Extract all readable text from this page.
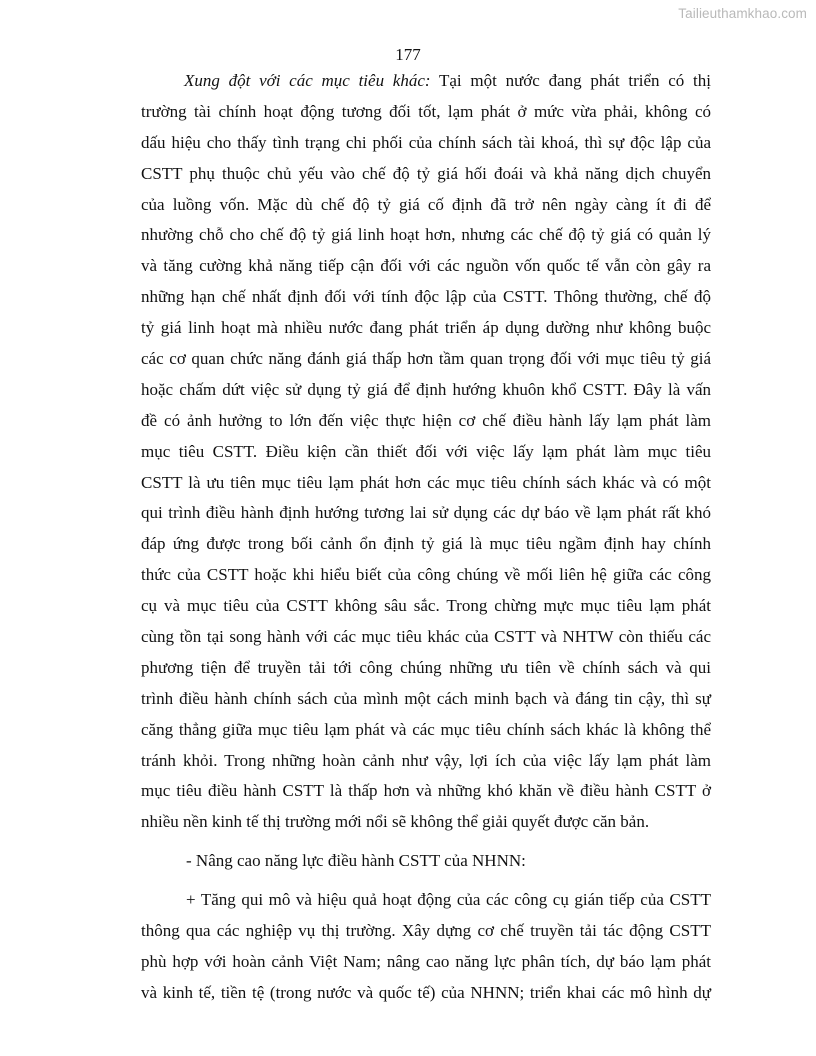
Tailieuthamkhao.com
177
Xung đột với các mục tiêu khác: Tại một nước đang phát triển có thị
trường tài chính hoạt động tương đối tốt, lạm phát ở mức vừa phải, không có
dấu hiệu cho thấy tình trạng chi phối của chính sách tài khoá, thì sự độc lập của
CSTT phụ thuộc chủ yếu vào chế độ tỷ giá hối đoái và khả năng dịch chuyển
của luồng vốn. Mặc dù chế độ tỷ giá cố định đã trở nên ngày càng ít đi để
nhường chỗ cho chế độ tỷ giá linh hoạt hơn, nhưng các chế độ tỷ giá có quản lý
và tăng cường khả năng tiếp cận đối với các nguồn vốn quốc tế vẫn còn gây ra
những hạn chế nhất định đối với tính độc lập của CSTT. Thông thường, chế độ
tỷ giá linh hoạt mà nhiều nước đang phát triển áp dụng dường như không buộc
các cơ quan chức năng đánh giá thấp hơn tầm quan trọng đối với mục tiêu tỷ giá
hoặc chấm dứt việc sử dụng tỷ giá để định hướng khuôn khổ CSTT. Đây là vấn
đề có ảnh hưởng to lớn đến việc thực hiện cơ chế điều hành lấy lạm phát làm
mục tiêu CSTT. Điều kiện cần thiết đối với việc lấy lạm phát làm mục tiêu
CSTT là ưu tiên mục tiêu lạm phát hơn các mục tiêu chính sách khác và có một
qui trình điều hành định hướng tương lai sử dụng các dự báo về lạm phát rất khó
đáp ứng được trong bối cảnh ổn định tỷ giá là mục tiêu ngầm định hay chính
thức của CSTT hoặc khi hiểu biết của công chúng về mối liên hệ giữa các công
cụ và mục tiêu của CSTT không sâu sắc. Trong chừng mực mục tiêu lạm phát
cùng tồn tại song hành với các mục tiêu khác của CSTT và NHTW còn thiếu các
phương tiện để truyền tải tới công chúng những ưu tiên về chính sách và qui
trình điều hành chính sách của mình một cách minh bạch và đáng tin cậy, thì sự
căng thẳng giữa mục tiêu lạm phát và các mục tiêu chính sách khác là không thể
tránh khỏi. Trong những hoàn cảnh như vậy, lợi ích của việc lấy lạm phát làm
mục tiêu điều hành CSTT là thấp hơn và những khó khăn về điều hành CSTT ở
nhiều nền kinh tế thị trường mới nổi sẽ không thể giải quyết được căn bản.
- Nâng cao năng lực điều hành CSTT của NHNN:
+ Tăng qui mô và hiệu quả hoạt động của các công cụ gián tiếp của CSTT
thông qua các nghiệp vụ thị trường. Xây dựng cơ chế truyền tải tác động CSTT
phù hợp với hoàn cảnh Việt Nam; nâng cao năng lực phân tích, dự báo lạm phát
và kinh tế, tiền tệ (trong nước và quốc tế) của NHNN; triển khai các mô hình dự
